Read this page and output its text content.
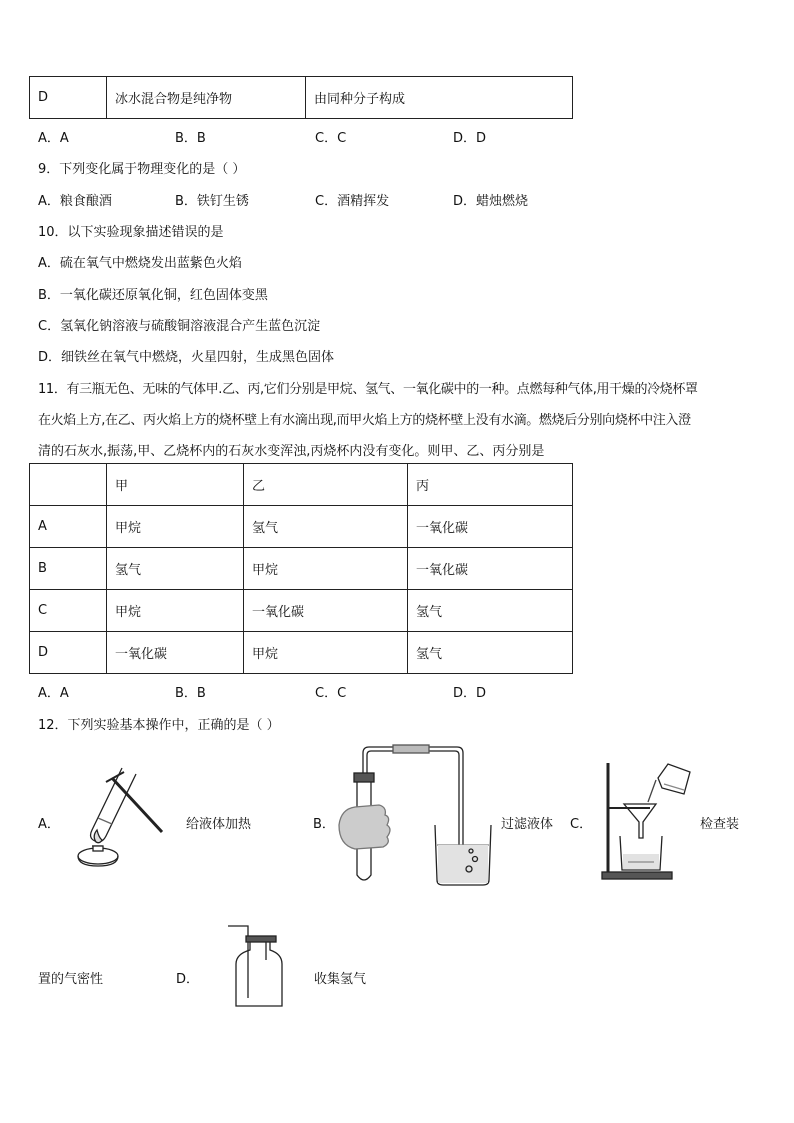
D	冰水混合物是纯净物	由同种分子构成
A．A	B．B	C．C	D．D
9．下列变化属于物理变化的是（ ）
A．粮食酿酒	B．铁钉生锈	C．酒精挥发	D．蜡烛燃烧
10．以下实验现象描述错误的是
A．硫在氧气中燃烧发出蓝紫色火焰
B．一氧化碳还原氧化铜，红色固体变黑
C．氢氧化钠溶液与硫酸铜溶液混合产生蓝色沉淀
D．细铁丝在氧气中燃烧，火星四射，生成黑色固体
11．有三瓶无色、无味的气体甲.乙、丙,它们分别是甲烷、氢气、一氧化碳中的一种。点燃每种气体,用干燥的冷烧杯罩
在火焰上方,在乙、丙火焰上方的烧杯壁上有水滴出现,而甲火焰上方的烧杯壁上没有水滴。燃烧后分别向烧杯中注入澄
清的石灰水,振荡,甲、乙烧杯内的石灰水变浑浊,丙烧杯内没有变化。则甲、乙、丙分别是
	甲	乙	丙
A	甲烷	氢气	一氧化碳
B	氢气	甲烷	一氧化碳
C	甲烷	一氧化碳	氢气
D	一氧化碳	甲烷	氢气
A．A	B．B	C．C	D．D
12．下列实验基本操作中，正确的是（ ）
A．	给液体加热	B．	过滤液体 C．	检查装
置的气密性	D．	收集氢气
